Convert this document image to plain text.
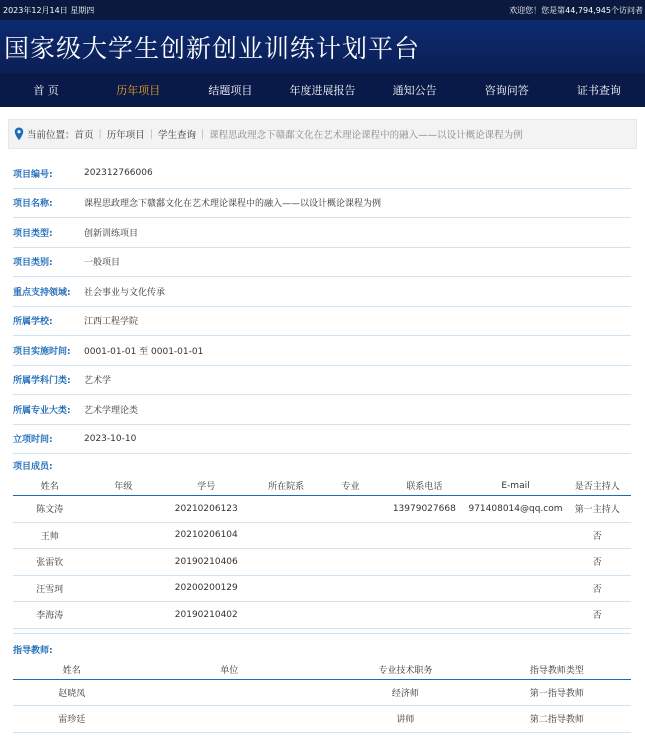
2023年12月14日 星期四	欢迎您！您是第44,794,945个访问者
国家级大学生创新创业训练计划平台
首 页	历年项目	结题项目	年度进展报告	通知公告	咨询问答	证书查询
当前位置： 首页 | 历年项目 | 学生查询 | 课程思政理念下赣鄱文化在艺术理论课程中的融入——以设计概论课程为例
项目编号:	202312766006
项目名称:	课程思政理念下赣鄱文化在艺术理论课程中的融入——以设计概论课程为例
项目类型:	创新训练项目
项目类别:	一般项目
重点支持领域:	社会事业与文化传承
所属学校:	江西工程学院
项目实施时间:	0001-01-01 至 0001-01-01
所属学科门类:	艺术学
所属专业大类:	艺术学理论类
立项时间:	2023-10-10
项目成员:
姓名	年级	学号	所在院系	专业	联系电话	E-mail	是否主持人
陈文涛		20210206123			13979027668	971408014@qq.com	第一主持人
王帅		20210206104					否
张雷钦		20190210406					否
汪雪珂		20200200129					否
李海涛		20190210402					否
指导教师:
姓名	单位	专业技术职务	指导教师类型
赵晓凤		经济师	第一指导教师
雷珍廷		讲师	第二指导教师
